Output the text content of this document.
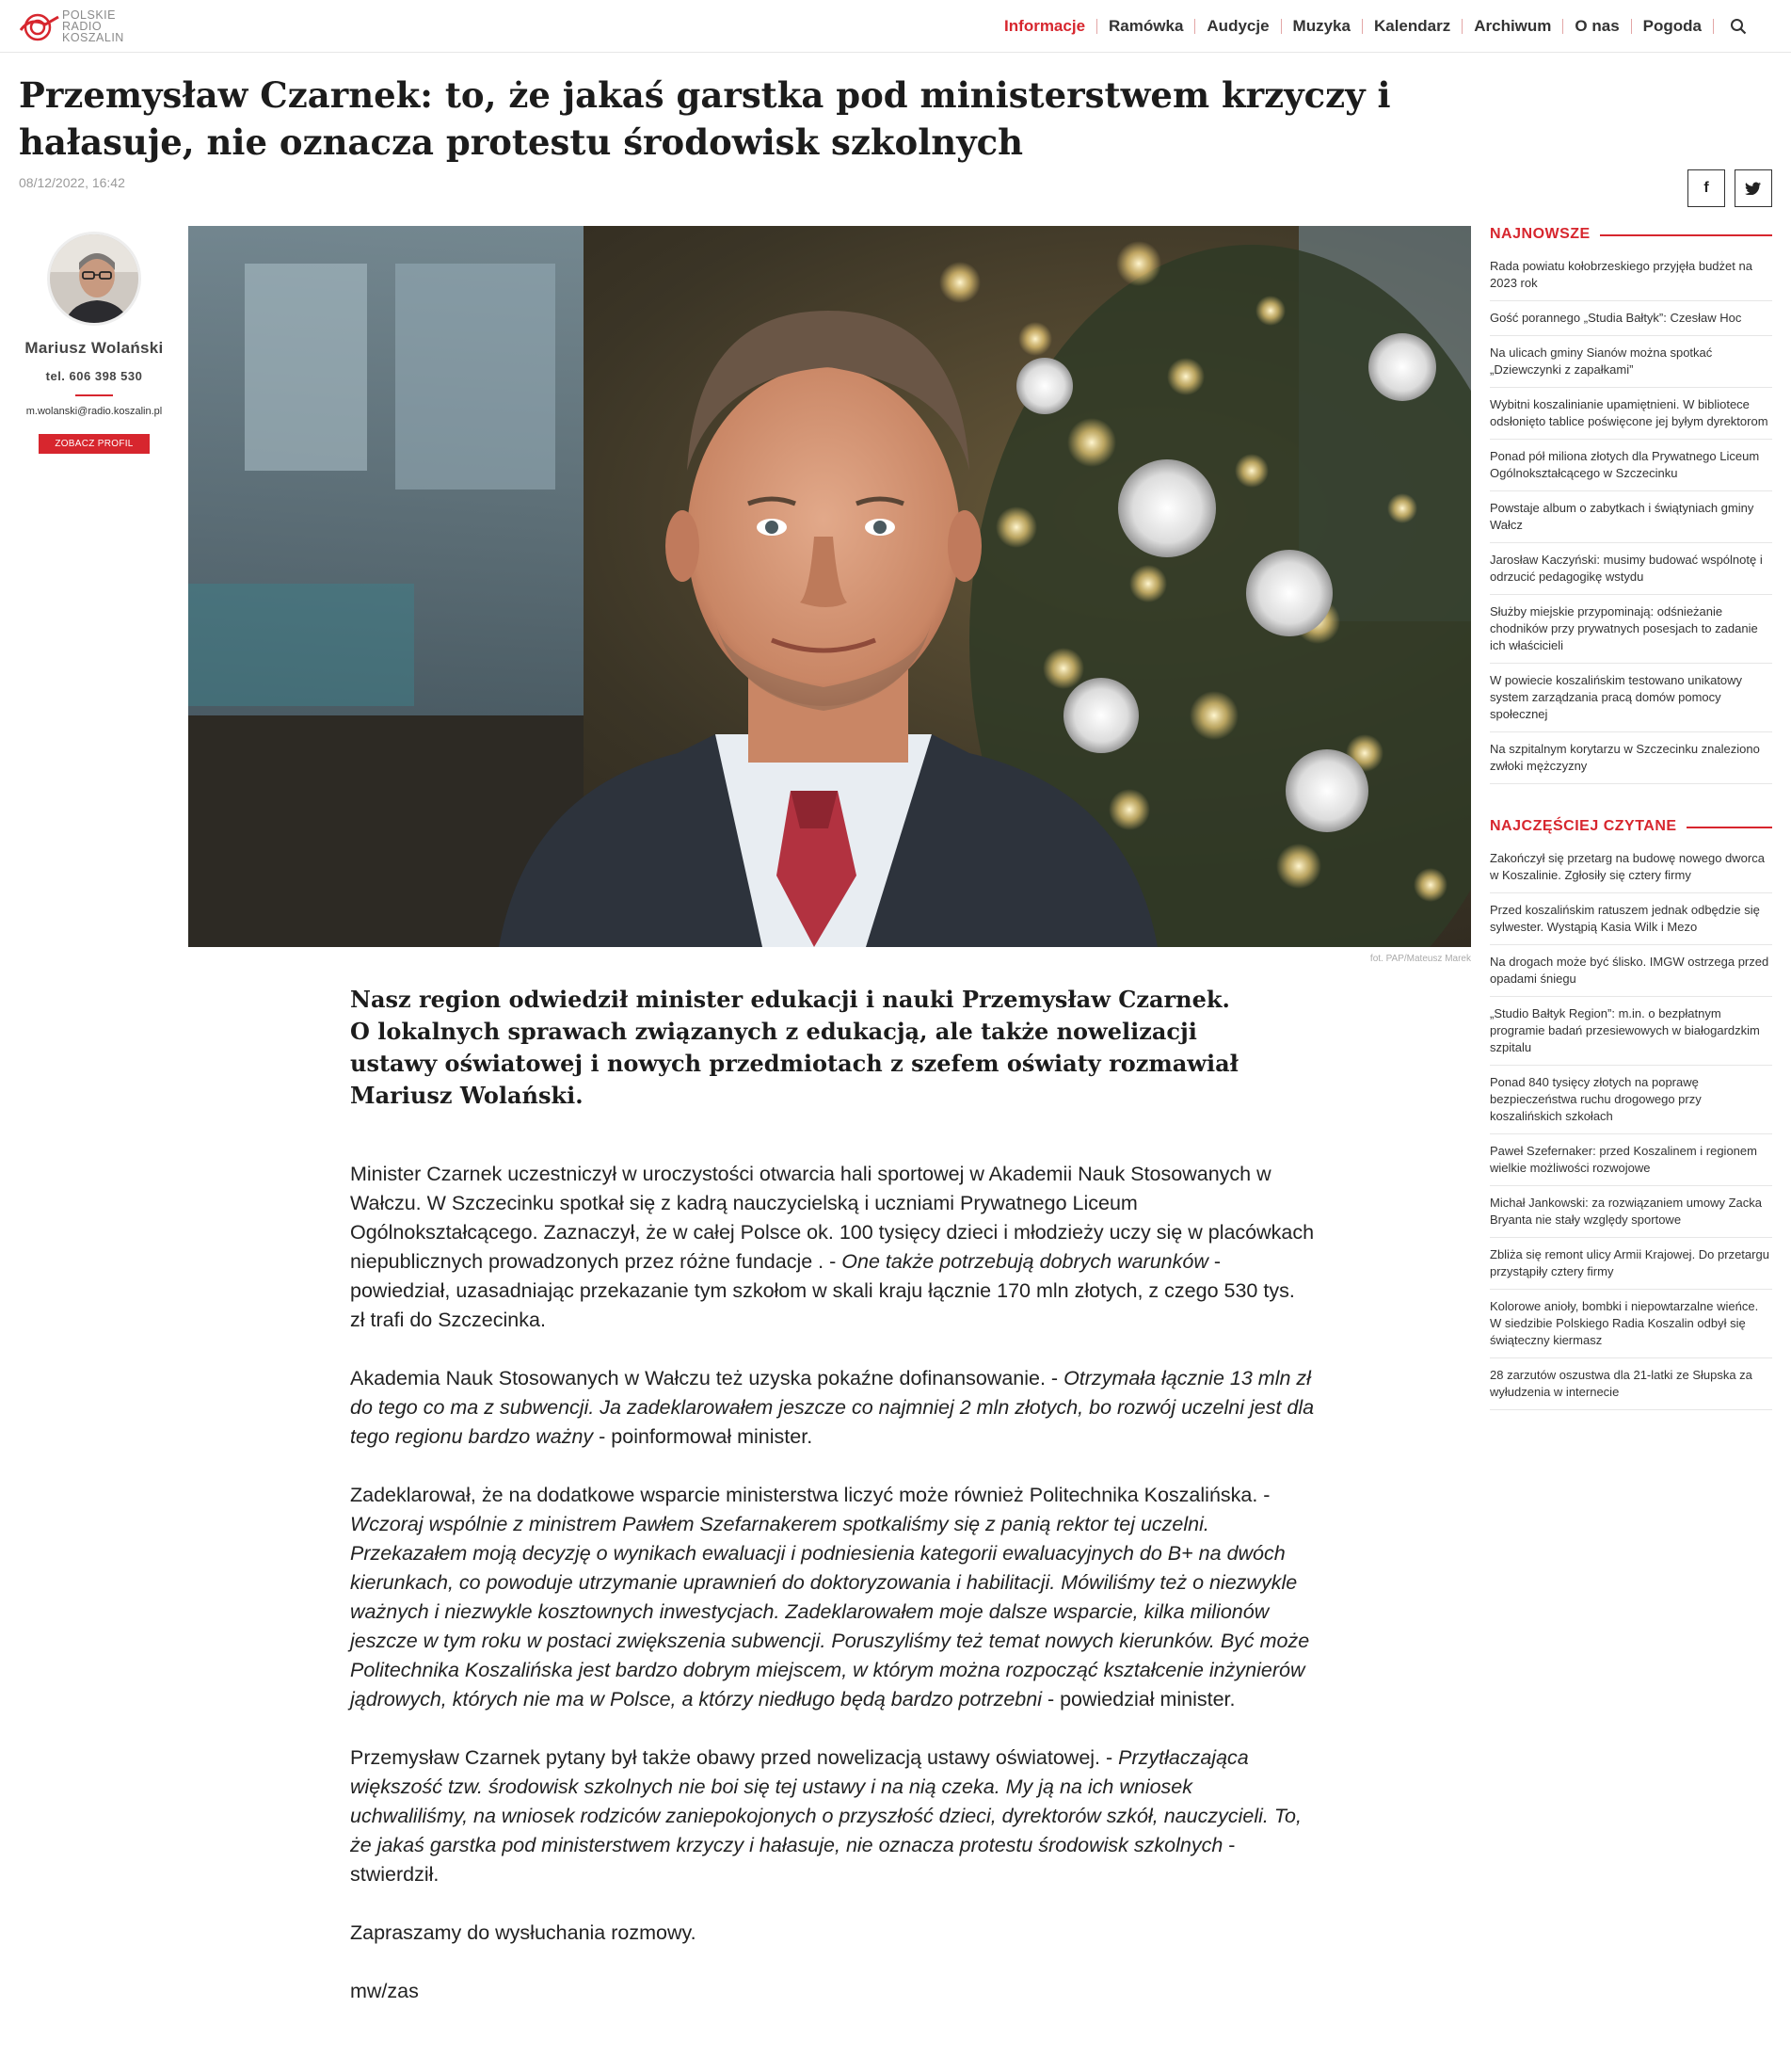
POLSKIE
RADIO
KOSZALIN
Informacje	Ramówka	Audycje	Muzyka	Kalendarz	Archiwum	O nas	Pogoda
Przemysław Czarnek: to, że jakaś garstka pod ministerstwem krzyczy i hałasuje, nie oznacza protestu środowisk szkolnych
08/12/2022, 16:42	f
Mariusz Wolański
tel. 606 398 530
m.wolanski@radio.koszalin.pl
ZOBACZ PROFIL
fot. PAP/Mateusz Marek
Nasz region odwiedził minister edukacji i nauki Przemysław Czarnek. O lokalnych sprawach związanych z edukacją, ale także nowelizacji ustawy oświatowej i nowych przedmiotach z szefem oświaty rozmawiał Mariusz Wolański.

Minister Czarnek uczestniczył w uroczystości otwarcia hali sportowej w Akademii Nauk Stosowanych w Wałczu. W Szczecinku spotkał się z kadrą nauczycielską i uczniami Prywatnego Liceum Ogólnokształcącego. Zaznaczył, że w całej Polsce ok. 100 tysięcy dzieci i młodzieży uczy się w placówkach niepublicznych prowadzonych przez różne fundacje . - One także potrzebują dobrych warunków - powiedział, uzasadniając przekazanie tym szkołom w skali kraju łącznie 170 mln złotych, z czego 530 tys. zł trafi do Szczecinka.

Akademia Nauk Stosowanych w Wałczu też uzyska pokaźne dofinansowanie. - Otrzymała łącznie 13 mln zł do tego co ma z subwencji. Ja zadeklarowałem jeszcze co najmniej 2 mln złotych, bo rozwój uczelni jest dla tego regionu bardzo ważny - poinformował minister.

Zadeklarował, że na dodatkowe wsparcie ministerstwa liczyć może również Politechnika Koszalińska. - Wczoraj wspólnie z ministrem Pawłem Szefarnakerem spotkaliśmy się z panią rektor tej uczelni. Przekazałem moją decyzję o wynikach ewaluacji i podniesienia kategorii ewaluacyjnych do B+ na dwóch kierunkach, co powoduje utrzymanie uprawnień do doktoryzowania i habilitacji. Mówiliśmy też o niezwykle ważnych i niezwykle kosztownych inwestycjach. Zadeklarowałem moje dalsze wsparcie, kilka milionów jeszcze w tym roku w postaci zwiększenia subwencji. Poruszyliśmy też temat nowych kierunków. Być może Politechnika Koszalińska jest bardzo dobrym miejscem, w którym można rozpocząć kształcenie inżynierów jądrowych, których nie ma w Polsce, a którzy niedługo będą bardzo potrzebni - powiedział minister.

Przemysław Czarnek pytany był także obawy przed nowelizacją ustawy oświatowej. - Przytłaczająca większość tzw. środowisk szkolnych nie boi się tej ustawy i na nią czeka. My ją na ich wniosek uchwaliliśmy, na wniosek rodziców zaniepokojonych o przyszłość dzieci, dyrektorów szkół, nauczycieli. To, że jakaś garstka pod ministerstwem krzyczy i hałasuje, nie oznacza protestu środowisk szkolnych - stwierdził.

Zapraszamy do wysłuchania rozmowy.

mw/zas

NAJNOWSZE
Rada powiatu kołobrzeskiego przyjęła budżet na 2023 rok
Gość porannego „Studia Bałtyk”: Czesław Hoc
Na ulicach gminy Sianów można spotkać „Dziewczynki z zapałkami”
Wybitni koszalinianie upamiętnieni. W bibliotece odsłonięto tablice poświęcone jej byłym dyrektorom
Ponad pół miliona złotych dla Prywatnego Liceum Ogólnokształcącego w Szczecinku
Powstaje album o zabytkach i świątyniach gminy Wałcz
Jarosław Kaczyński: musimy budować wspólnotę i odrzucić pedagogikę wstydu
Służby miejskie przypominają: odśnieżanie chodników przy prywatnych posesjach to zadanie ich właścicieli
W powiecie koszalińskim testowano unikatowy system zarządzania pracą domów pomocy społecznej
Na szpitalnym korytarzu w Szczecinku znaleziono zwłoki mężczyzny
NAJCZĘŚCIEJ CZYTANE
Zakończył się przetarg na budowę nowego dworca w Koszalinie. Zgłosiły się cztery firmy
Przed koszalińskim ratuszem jednak odbędzie się sylwester. Wystąpią Kasia Wilk i Mezo
Na drogach może być ślisko. IMGW ostrzega przed opadami śniegu
„Studio Bałtyk Region”: m.in. o bezpłatnym programie badań przesiewowych w białogardzkim szpitalu
Ponad 840 tysięcy złotych na poprawę bezpieczeństwa ruchu drogowego przy koszalińskich szkołach
Paweł Szefernaker: przed Koszalinem i regionem wielkie możliwości rozwojowe
Michał Jankowski: za rozwiązaniem umowy Zacka Bryanta nie stały względy sportowe
Zbliża się remont ulicy Armii Krajowej. Do przetargu przystąpiły cztery firmy
Kolorowe anioły, bombki i niepowtarzalne wieńce. W siedzibie Polskiego Radia Koszalin odbył się świąteczny kiermasz
28 zarzutów oszustwa dla 21-latki ze Słupska za wyłudzenia w internecie
